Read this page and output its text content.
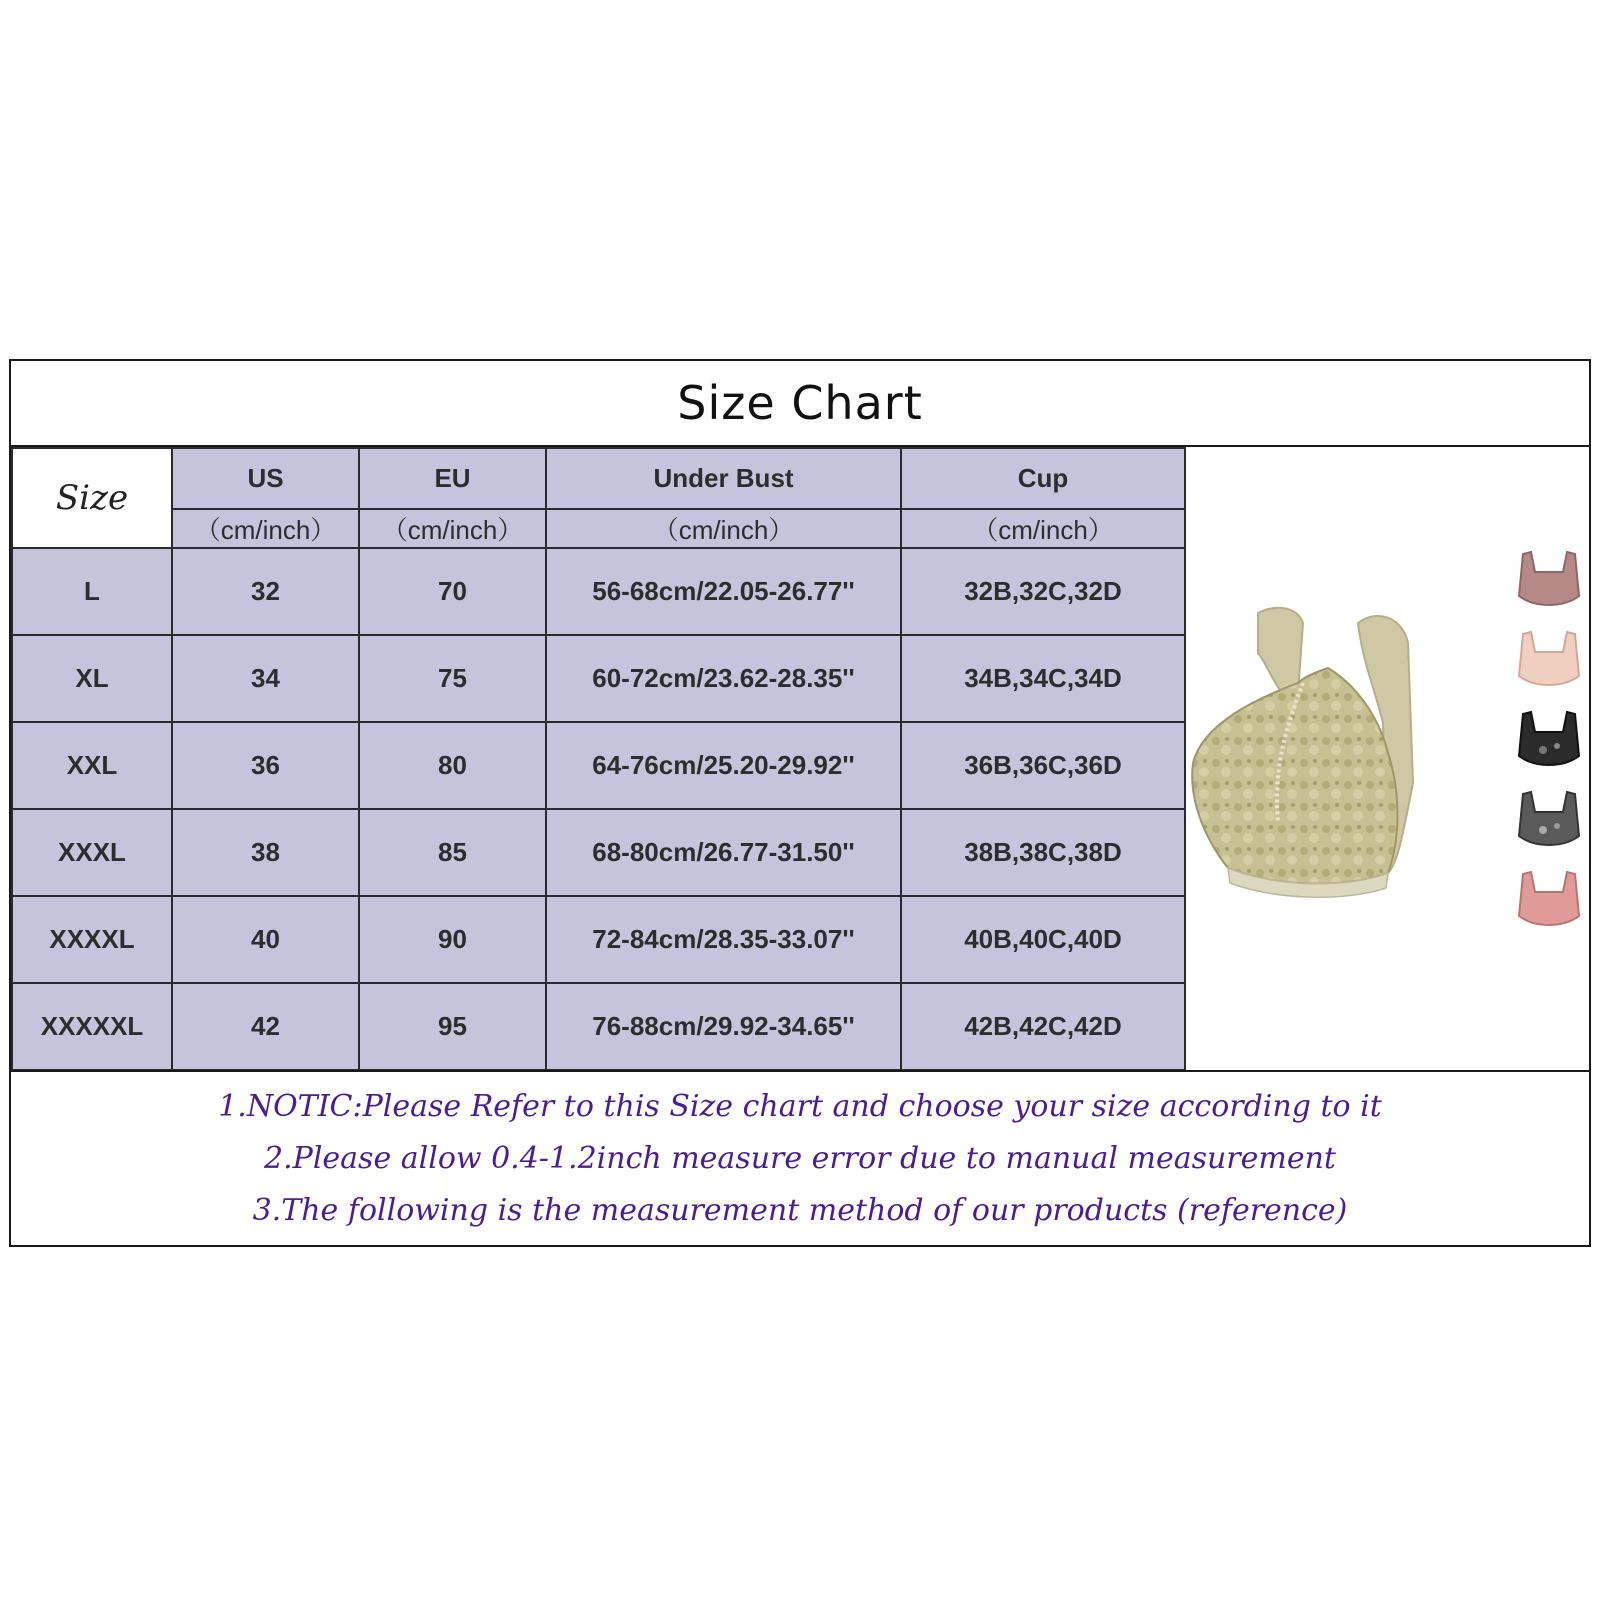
Size Chart
Size	US	EU	Under Bust	Cup
	（cm/inch）	（cm/inch）	（cm/inch）	（cm/inch）
L	32	70	56-68cm/22.05-26.77''	32B,32C,32D
XL	34	75	60-72cm/23.62-28.35''	34B,34C,34D
XXL	36	80	64-76cm/25.20-29.92''	36B,36C,36D
XXXL	38	85	68-80cm/26.77-31.50''	38B,38C,38D
XXXXL	40	90	72-84cm/28.35-33.07''	40B,40C,40D
XXXXXL	42	95	76-88cm/29.92-34.65''	42B,42C,42D
1.NOTIC:Please Refer to this Size chart and choose your size according to it
2.Please allow 0.4-1.2inch measure error due to manual measurement
3.The following is the measurement method of our products (reference)
